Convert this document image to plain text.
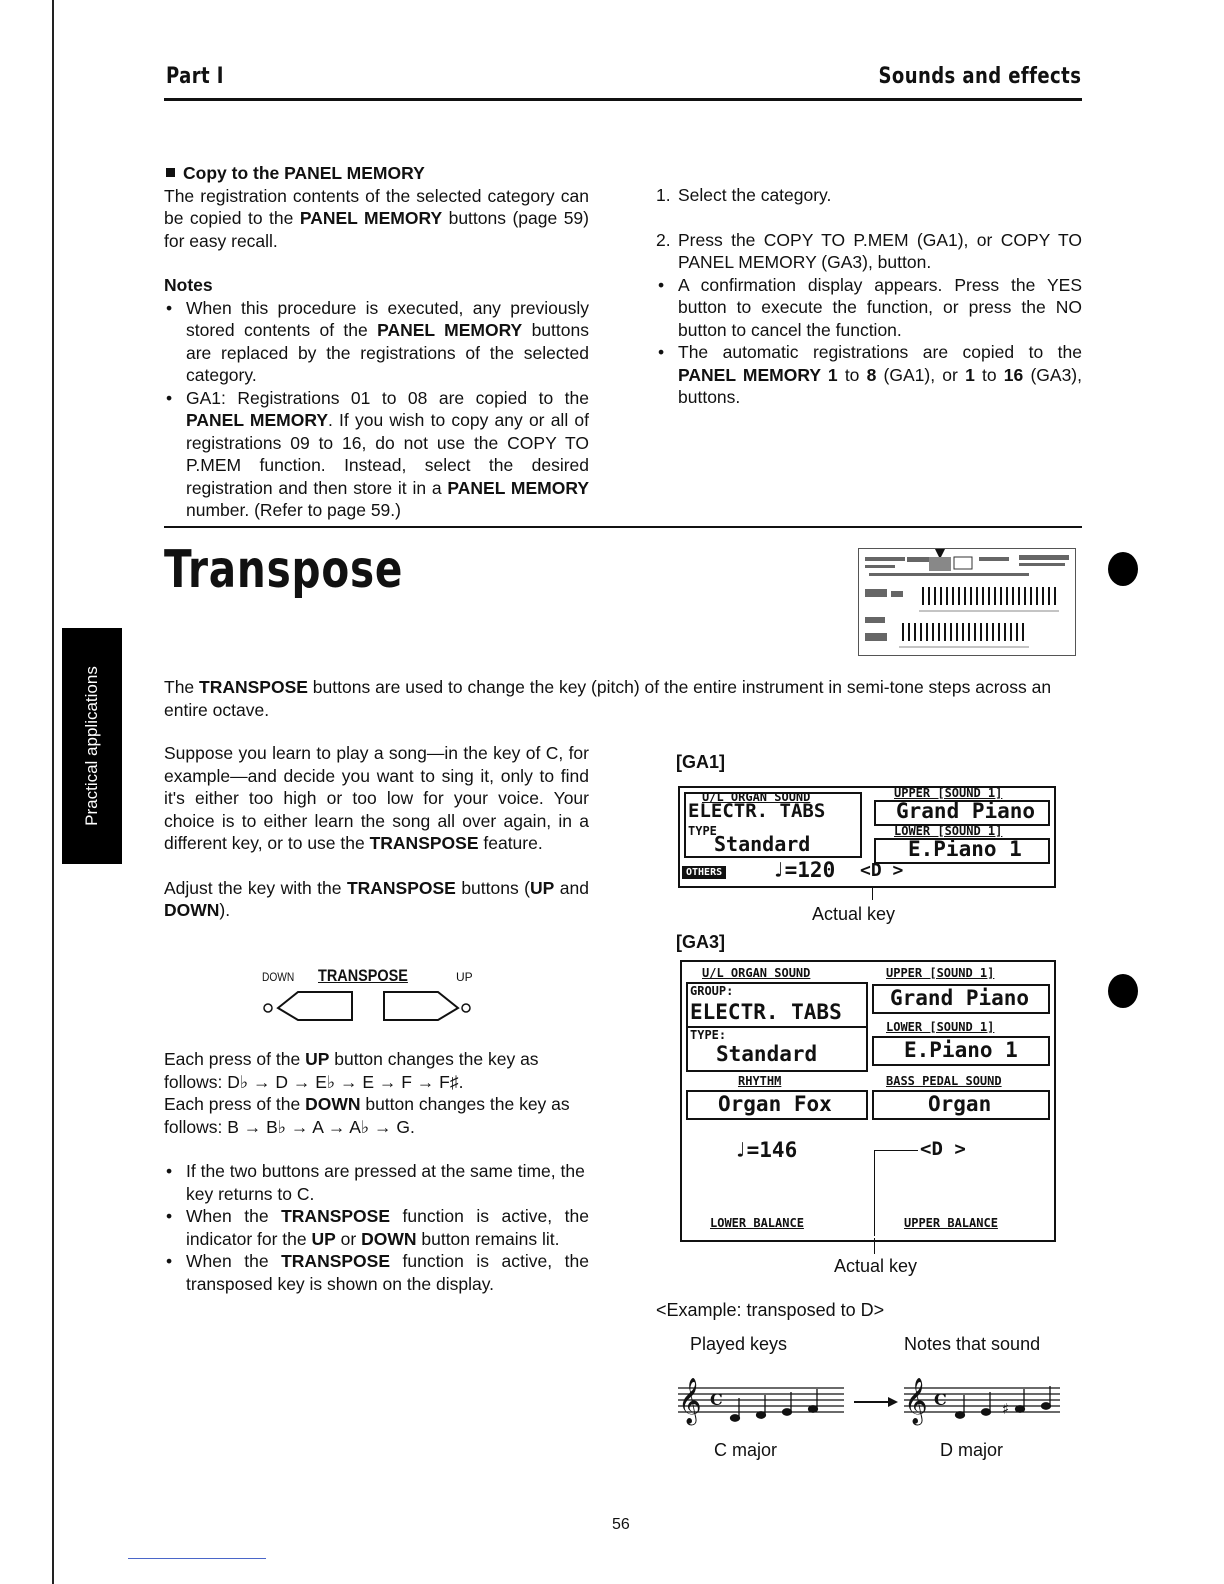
Part I	Sounds and effects
Practical applications
Copy to the PANEL MEMORY
The registration contents of the selected category can be copied to the PANEL MEMORY buttons (page 59) for easy recall.
Notes
• When this procedure is executed, any previously stored contents of the PANEL MEMORY buttons are replaced by the registrations of the selected category.
• GA1: Registrations 01 to 08 are copied to the PANEL MEMORY. If you wish to copy any or all of registrations 09 to 16, do not use the COPY TO P.MEM function. Instead, select the desired registration and then store it in a PANEL MEMORY number. (Refer to page 59.)
1. Select the category.
2. Press the COPY TO P.MEM (GA1), or COPY TO PANEL MEMORY (GA3), button.
• A confirmation display appears. Press the YES button to execute the function, or press the NO button to cancel the function.
• The automatic registrations are copied to the PANEL MEMORY 1 to 8 (GA1), or 1 to 16 (GA3), buttons.
Transpose
The TRANSPOSE buttons are used to change the key (pitch) of the entire instrument in semi-tone steps across an entire octave.
Suppose you learn to play a song—in the key of C, for example—and decide you want to sing it, only to find it's either too high or too low for your voice. Your choice is to either learn the song all over again, in a different key, or to use the TRANSPOSE feature.
Adjust the key with the TRANSPOSE buttons (UP and DOWN).
DOWN TRANSPOSE	UP
Each press of the UP button changes the key as follows: D♭ → D → E♭ → E → F → F♯.
Each press of the DOWN button changes the key as follows: B → B♭ → A → A♭ → G.
• If the two buttons are pressed at the same time, the key returns to C.
• When the TRANSPOSE function is active, the indicator for the UP or DOWN button remains lit.
• When the TRANSPOSE function is active, the transposed key is shown on the display.
[GA1]
U/L ORGAN SOUND
ELECTR. TABS
TYPE
Standard
UPPER [SOUND 1]
Grand Piano
LOWER [SOUND 1]
E.Piano 1
OTHERS ♩=120 <D >
Actual key
[GA3]
U/L ORGAN SOUND
GROUP:
ELECTR. TABS
TYPE:
Standard
UPPER [SOUND 1]
Grand Piano
LOWER [SOUND 1]
E.Piano 1
RHYTHM
Organ Fox
BASS PEDAL SOUND
Organ
♩=146	<D >
LOWER BALANCE	UPPER BALANCE
Actual key
<Example: transposed to D>
Played keys	Notes that sound
𝄞	𝄞
C	C	♯
C major	D major
56
